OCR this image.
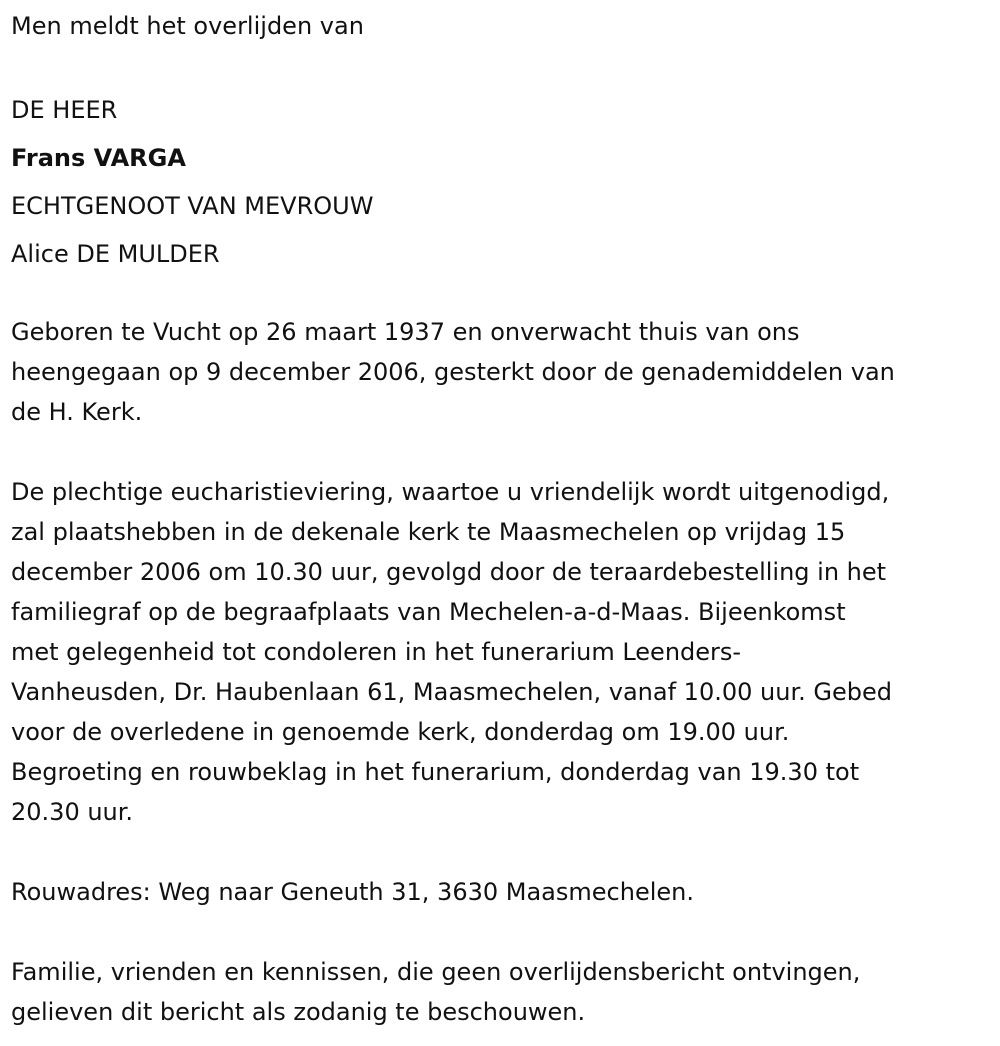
Men meldt het overlijden van

DE HEER
Frans VARGA
ECHTGENOOT VAN MEVROUW
Alice DE MULDER

Geboren te Vucht op 26 maart 1937 en onverwacht thuis van ons
heengegaan op 9 december 2006, gesterkt door de genademiddelen van
de H. Kerk.

De plechtige eucharistieviering, waartoe u vriendelijk wordt uitgenodigd,
zal plaatshebben in de dekenale kerk te Maasmechelen op vrijdag 15
december 2006 om 10.30 uur, gevolgd door de teraardebestelling in het
familiegraf op de begraafplaats van Mechelen-a-d-Maas. Bijeenkomst
met gelegenheid tot condoleren in het funerarium Leenders-
Vanheusden, Dr. Haubenlaan 61, Maasmechelen, vanaf 10.00 uur. Gebed
voor de overledene in genoemde kerk, donderdag om 19.00 uur.
Begroeting en rouwbeklag in het funerarium, donderdag van 19.30 tot
20.30 uur.

Rouwadres: Weg naar Geneuth 31, 3630 Maasmechelen.

Familie, vrienden en kennissen, die geen overlijdensbericht ontvingen,
gelieven dit bericht als zodanig te beschouwen.
